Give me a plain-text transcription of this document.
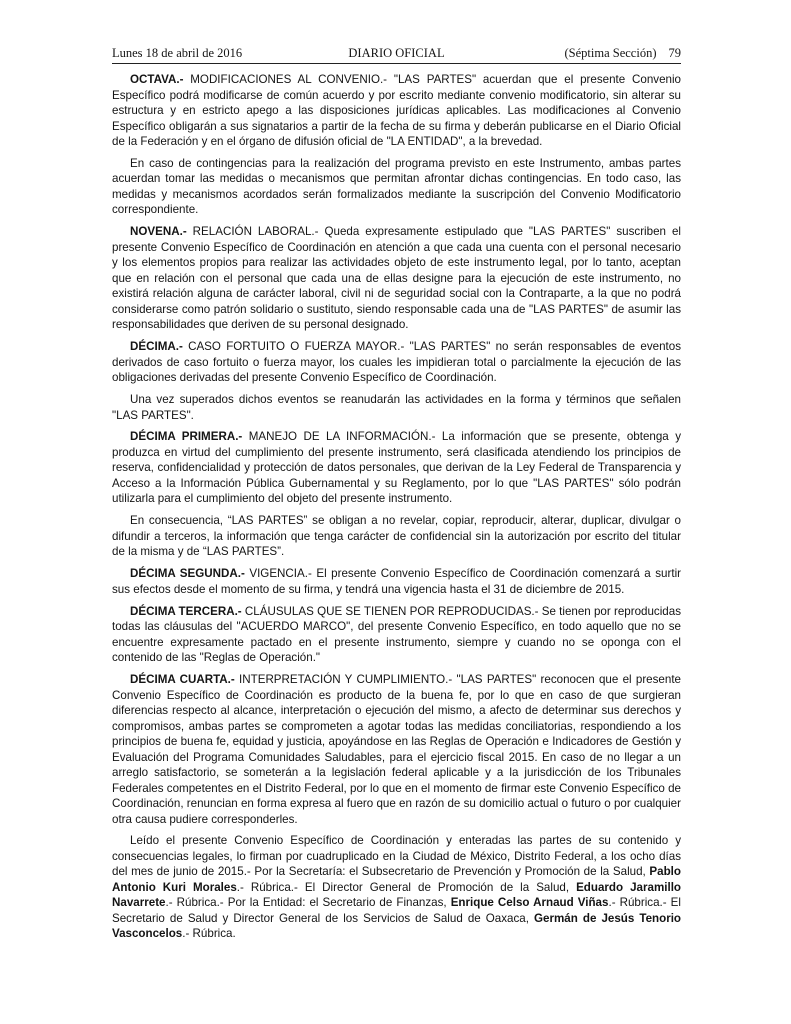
Lunes 18 de abril de 2016	DIARIO OFICIAL	(Séptima Sección) 79

OCTAVA.- MODIFICACIONES AL CONVENIO.- "LAS PARTES" acuerdan que el presente Convenio Específico podrá modificarse de común acuerdo y por escrito mediante convenio modificatorio, sin alterar su estructura y en estricto apego a las disposiciones jurídicas aplicables. Las modificaciones al Convenio Específico obligarán a sus signatarios a partir de la fecha de su firma y deberán publicarse en el Diario Oficial de la Federación y en el órgano de difusión oficial de "LA ENTIDAD", a la brevedad.

En caso de contingencias para la realización del programa previsto en este Instrumento, ambas partes acuerdan tomar las medidas o mecanismos que permitan afrontar dichas contingencias. En todo caso, las medidas y mecanismos acordados serán formalizados mediante la suscripción del Convenio Modificatorio correspondiente.

NOVENA.- RELACIÓN LABORAL.- Queda expresamente estipulado que "LAS PARTES" suscriben el presente Convenio Específico de Coordinación en atención a que cada una cuenta con el personal necesario y los elementos propios para realizar las actividades objeto de este instrumento legal, por lo tanto, aceptan que en relación con el personal que cada una de ellas designe para la ejecución de este instrumento, no existirá relación alguna de carácter laboral, civil ni de seguridad social con la Contraparte, a la que no podrá considerarse como patrón solidario o sustituto, siendo responsable cada una de "LAS PARTES" de asumir las responsabilidades que deriven de su personal designado.

DÉCIMA.- CASO FORTUITO O FUERZA MAYOR.- "LAS PARTES" no serán responsables de eventos derivados de caso fortuito o fuerza mayor, los cuales les impidieran total o parcialmente la ejecución de las obligaciones derivadas del presente Convenio Específico de Coordinación.

Una vez superados dichos eventos se reanudarán las actividades en la forma y términos que señalen "LAS PARTES".

DÉCIMA PRIMERA.- MANEJO DE LA INFORMACIÓN.- La información que se presente, obtenga y produzca en virtud del cumplimiento del presente instrumento, será clasificada atendiendo los principios de reserva, confidencialidad y protección de datos personales, que derivan de la Ley Federal de Transparencia y Acceso a la Información Pública Gubernamental y su Reglamento, por lo que "LAS PARTES" sólo podrán utilizarla para el cumplimiento del objeto del presente instrumento.

En consecuencia, “LAS PARTES” se obligan a no revelar, copiar, reproducir, alterar, duplicar, divulgar o difundir a terceros, la información que tenga carácter de confidencial sin la autorización por escrito del titular de la misma y de “LAS PARTES”.

DÉCIMA SEGUNDA.- VIGENCIA.- El presente Convenio Específico de Coordinación comenzará a surtir sus efectos desde el momento de su firma, y tendrá una vigencia hasta el 31 de diciembre de 2015.

DÉCIMA TERCERA.- CLÁUSULAS QUE SE TIENEN POR REPRODUCIDAS.- Se tienen por reproducidas todas las cláusulas del "ACUERDO MARCO", del presente Convenio Específico, en todo aquello que no se encuentre expresamente pactado en el presente instrumento, siempre y cuando no se oponga con el contenido de las "Reglas de Operación."

DÉCIMA CUARTA.- INTERPRETACIÓN Y CUMPLIMIENTO.- "LAS PARTES" reconocen que el presente Convenio Específico de Coordinación es producto de la buena fe, por lo que en caso de que surgieran diferencias respecto al alcance, interpretación o ejecución del mismo, a afecto de determinar sus derechos y compromisos, ambas partes se comprometen a agotar todas las medidas conciliatorias, respondiendo a los principios de buena fe, equidad y justicia, apoyándose en las Reglas de Operación e Indicadores de Gestión y Evaluación del Programa Comunidades Saludables, para el ejercicio fiscal 2015. En caso de no llegar a un arreglo satisfactorio, se someterán a la legislación federal aplicable y a la jurisdicción de los Tribunales Federales competentes en el Distrito Federal, por lo que en el momento de firmar este Convenio Específico de Coordinación, renuncian en forma expresa al fuero que en razón de su domicilio actual o futuro o por cualquier otra causa pudiere corresponderles.

Leído el presente Convenio Específico de Coordinación y enteradas las partes de su contenido y consecuencias legales, lo firman por cuadruplicado en la Ciudad de México, Distrito Federal, a los ocho días del mes de junio de 2015.- Por la Secretaría: el Subsecretario de Prevención y Promoción de la Salud, Pablo Antonio Kuri Morales.- Rúbrica.- El Director General de Promoción de la Salud, Eduardo Jaramillo Navarrete.- Rúbrica.- Por la Entidad: el Secretario de Finanzas, Enrique Celso Arnaud Viñas.- Rúbrica.- El Secretario de Salud y Director General de los Servicios de Salud de Oaxaca, Germán de Jesús Tenorio Vasconcelos.- Rúbrica.
